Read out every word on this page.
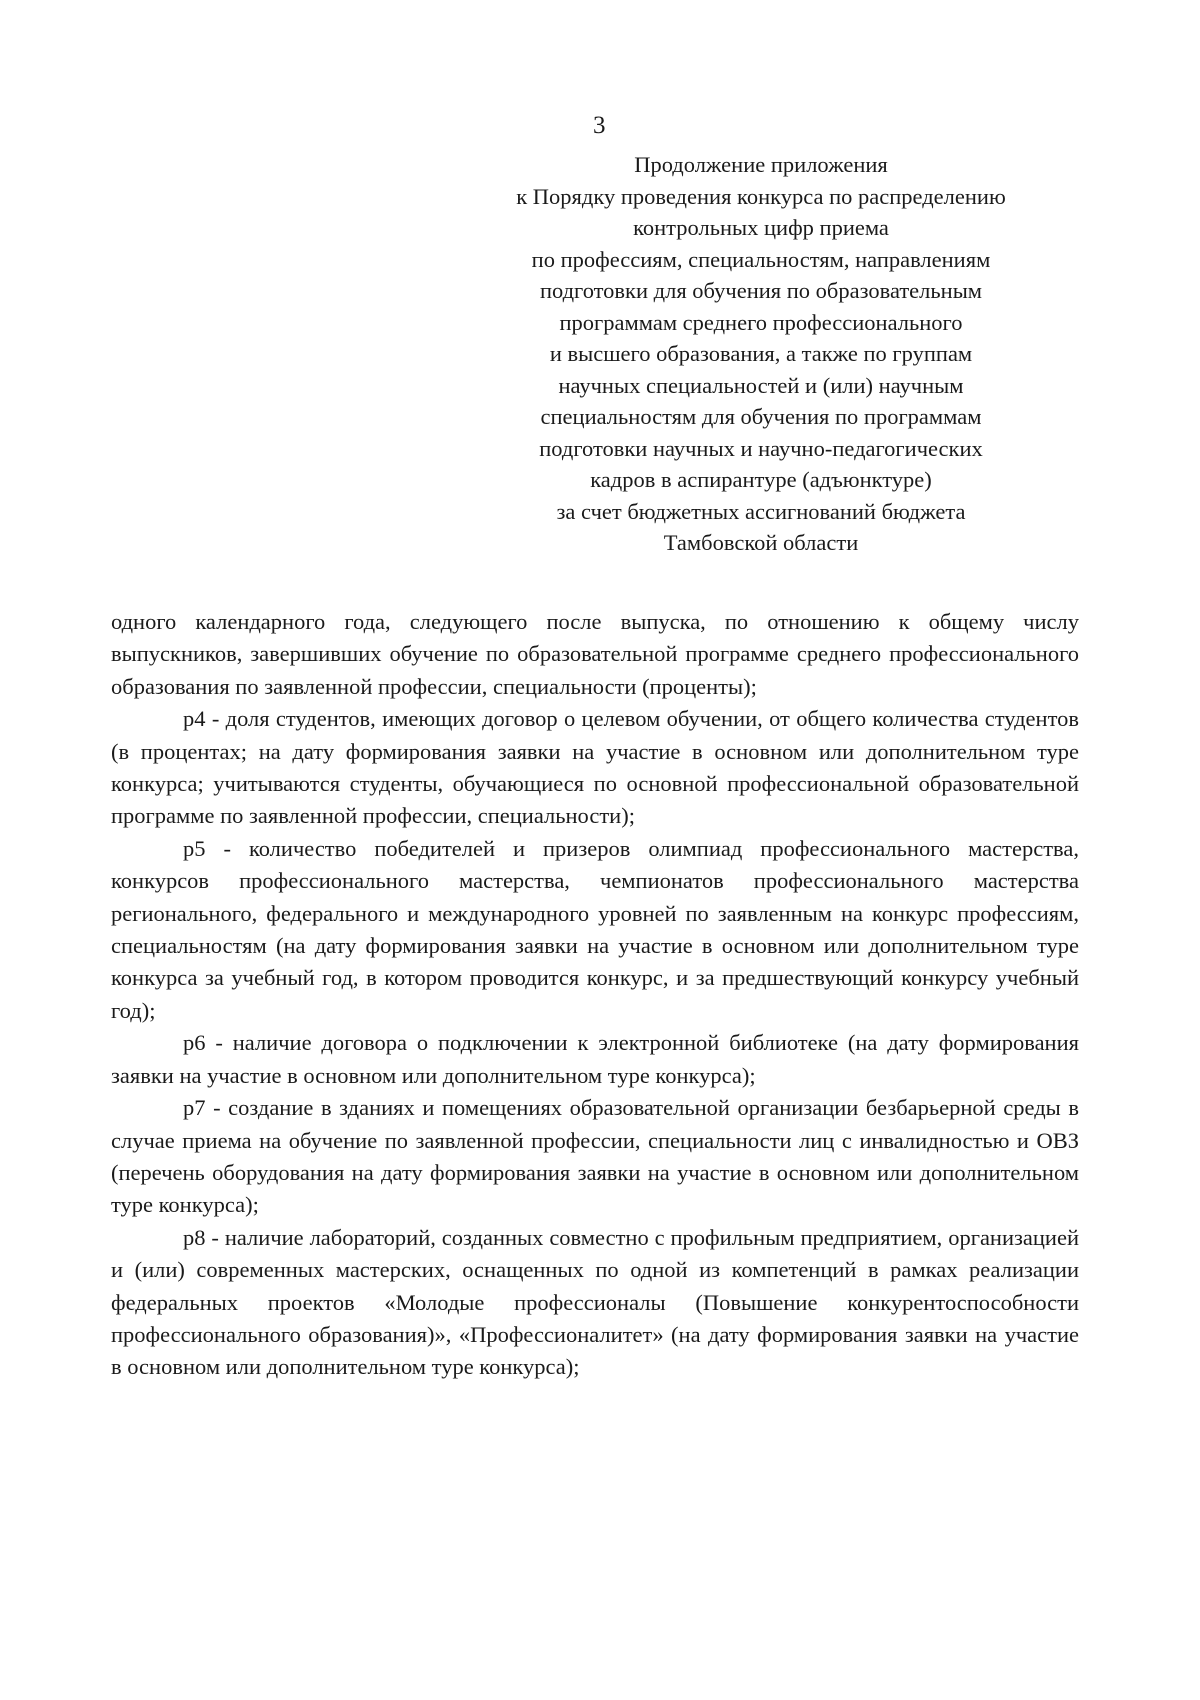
3
Продолжение приложения
к Порядку проведения конкурса по распределению
контрольных цифр приема
по профессиям, специальностям, направлениям
подготовки для обучения по образовательным
программам среднего профессионального
и высшего образования, а также по группам
научных специальностей и (или) научным
специальностям для обучения по программам
подготовки научных и научно-педагогических
кадров в аспирантуре (адъюнктуре)
за счет бюджетных ассигнований бюджета
Тамбовской области

одного календарного года, следующего после выпуска, по отношению к общему числу выпускников, завершивших обучение по образовательной программе среднего профессионального образования по заявленной профессии, специальности (проценты);

p4 - доля студентов, имеющих договор о целевом обучении, от общего количества студентов (в процентах; на дату формирования заявки на участие в основном или дополнительном туре конкурса; учитываются студенты, обучающиеся по основной профессиональной образовательной программе по заявленной профессии, специальности);

p5 - количество победителей и призеров олимпиад профессионального мастерства, конкурсов профессионального мастерства, чемпионатов профессионального мастерства регионального, федерального и международного уровней по заявленным на конкурс профессиям, специальностям (на дату формирования заявки на участие в основном или дополнительном туре конкурса за учебный год, в котором проводится конкурс, и за предшествующий конкурсу учебный год);

p6 - наличие договора о подключении к электронной библиотеке (на дату формирования заявки на участие в основном или дополнительном туре конкурса);

p7 - создание в зданиях и помещениях образовательной организации безбарьерной среды в случае приема на обучение по заявленной профессии, специальности лиц с инвалидностью и ОВЗ (перечень оборудования на дату формирования заявки на участие в основном или дополнительном туре конкурса);

p8 - наличие лабораторий, созданных совместно с профильным предприятием, организацией и (или) современных мастерских, оснащенных по одной из компетенций в рамках реализации федеральных проектов «Молодые профессионалы (Повышение конкурентоспособности профессионального образования)», «Профессионалитет» (на дату формирования заявки на участие в основном или дополнительном туре конкурса);
